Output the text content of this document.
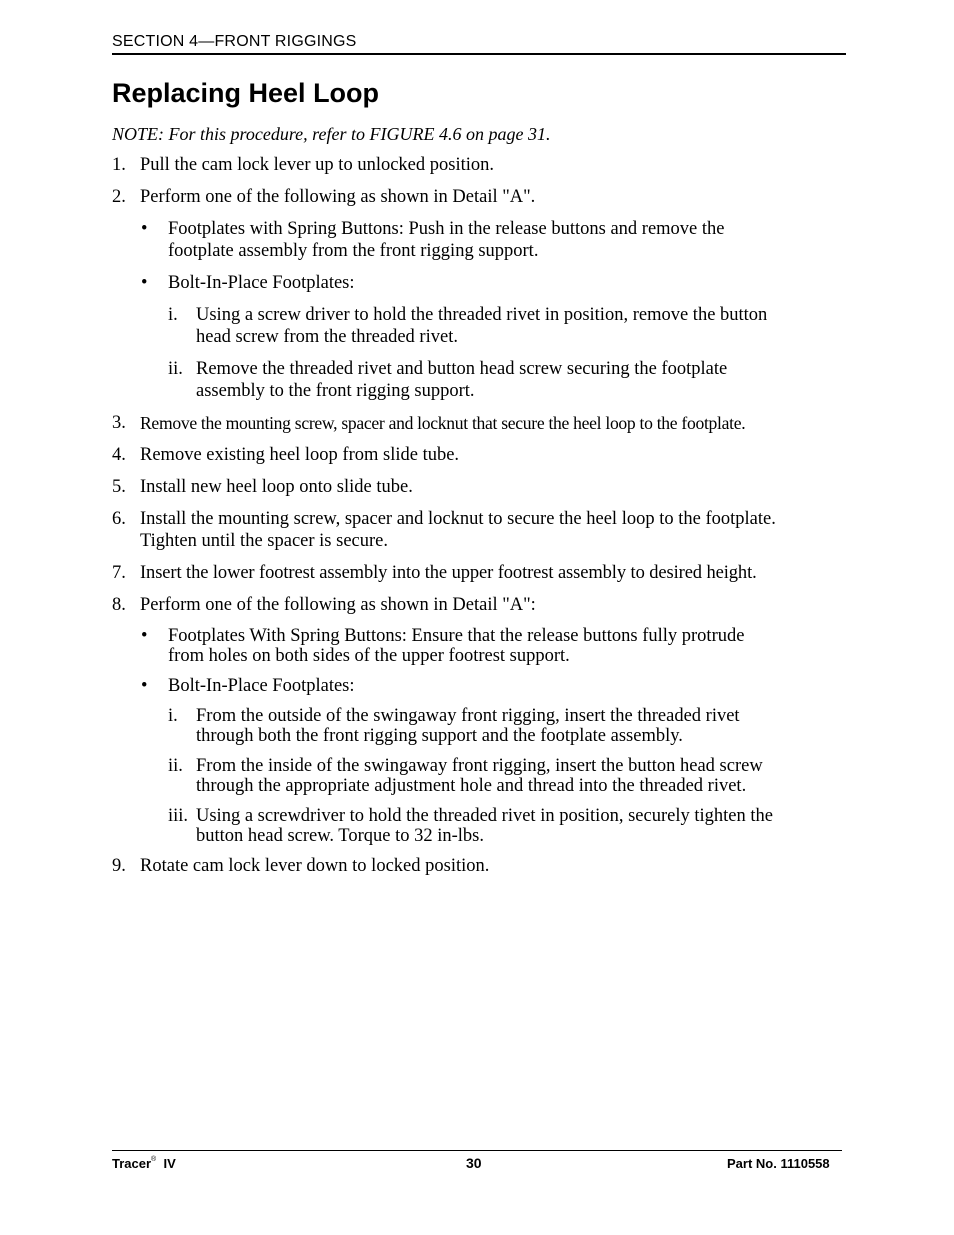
SECTION 4—FRONT RIGGINGS
Replacing Heel Loop
NOTE: For this procedure, refer to FIGURE 4.6 on page 31.
Pull the cam lock lever up to unlocked position.
1.
2. Perform one of the following as shown in Detail "A".
• Footplates with Spring Buttons: Push in the release buttons and remove the
footplate assembly from the front rigging support.
• Bolt-In-Place Footplates:
i. Using a screw driver to hold the threaded rivet in position, remove the button
head screw from the threaded rivet.
ii. Remove the threaded rivet and button head screw securing the footplate
assembly to the front rigging support.
3. Remove the mounting screw, spacer and locknut that secure the heel loop to the footplate.
4. Remove existing heel loop from slide tube.
5. Install new heel loop onto slide tube.
6. Install the mounting screw, spacer and locknut to secure the heel loop to the footplate.
Tighten until the spacer is secure.
7. Insert the lower footrest assembly into the upper footrest assembly to desired height.
8. Perform one of the following as shown in Detail "A":
• Footplates With Spring Buttons: Ensure that the release buttons fully protrude
from holes on both sides of the upper footrest support.
• Bolt-In-Place Footplates:
i. From the outside of the swingaway front rigging, insert the threaded rivet
through both the front rigging support and the footplate assembly.
ii. From the inside of the swingaway front rigging, insert the button head screw
through the appropriate adjustment hole and thread into the threaded rivet.
iii. Using a screwdriver to hold the threaded rivet in position, securely tighten the
button head screw. Torque to 32 in-lbs.
9. Rotate cam lock lever down to locked position.
Tracer® IV	30	Part No. 1110558
